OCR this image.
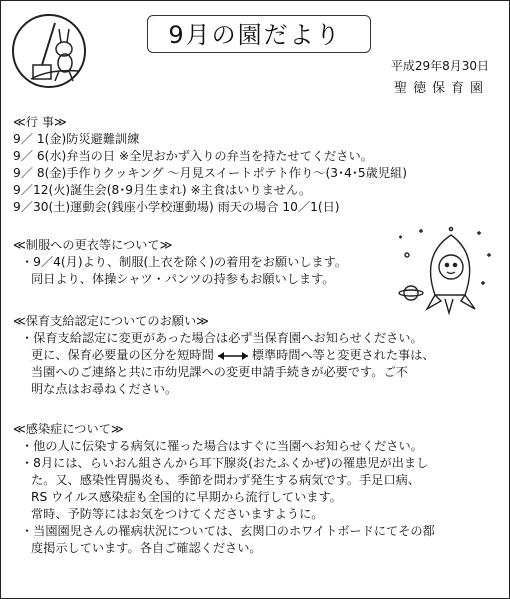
9月の園だより
平成29年8月30日
聖徳保育園
≪行 事≫
9／ 1(金)防災避難訓練
9／ 6(水)弁当の日 ※全児おかず入りの弁当を持たせてください。
9／ 8(金)手作りクッキング ～月見スイートポテト作り～(3･4･5歳児組)
9／12(火)誕生会(8･9月生まれ) ※主食はいりません。
9／30(土)運動会(銭座小学校運動場) 雨天の場合 10／1(日)
≪制服への更衣等について≫
・9／4(月)より、制服(上衣を除く)の着用をお願いします。
同日より、体操シャツ・パンツの持参もお願いします。
≪保育支給認定についてのお願い≫
・保育支給認定に変更があった場合は必ず当保育園へお知らせください。
更に、保育必要量の区分を短時間	標準時間へ等と変更された事は、
当園へのご連絡と共に市幼児課への変更申請手続きが必要です。ご不
明な点はお尋ねください。
≪感染症について≫
・他の人に伝染する病気に罹った場合はすぐに当園へお知らせください。
・8月には、らいおん組さんから耳下腺炎(おたふくかぜ)の罹患児が出まし
た。又、感染性胃腸炎も、季節を問わず発生する病気です。手足口病、
RS ウイルス感染症も全国的に早期から流行しています。
常時、予防等にはお気をつけてくださいますように。
・当園園児さんの罹病状況については、玄関口のホワイトボードにてその都
度掲示しています。各自ご確認ください。
